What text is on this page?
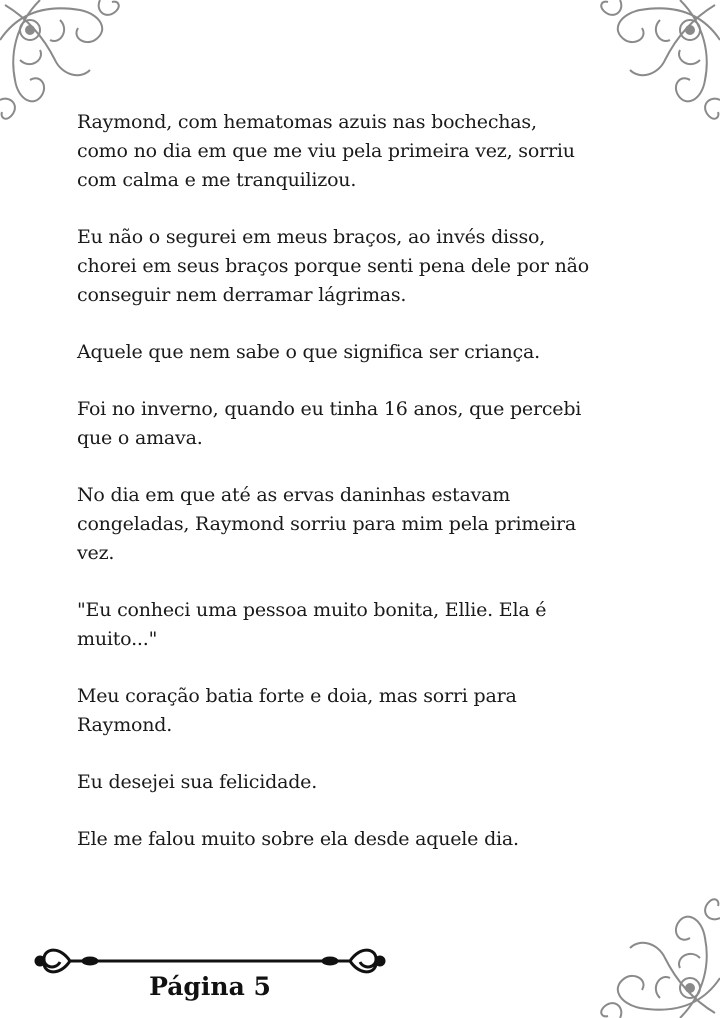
Raymond, com hematomas azuis nas bochechas,
como no dia em que me viu pela primeira vez, sorriu
com calma e me tranquilizou.

Eu não o segurei em meus braços, ao invés disso,
chorei em seus braços porque senti pena dele por não
conseguir nem derramar lágrimas.

Aquele que nem sabe o que significa ser criança.

Foi no inverno, quando eu tinha 16 anos, que percebi
que o amava.

No dia em que até as ervas daninhas estavam
congeladas, Raymond sorriu para mim pela primeira
vez.

"Eu conheci uma pessoa muito bonita, Ellie. Ela é
muito..."

Meu coração batia forte e doia, mas sorri para
Raymond.

Eu desejei sua felicidade.

Ele me falou muito sobre ela desde aquele dia.

Página 5
